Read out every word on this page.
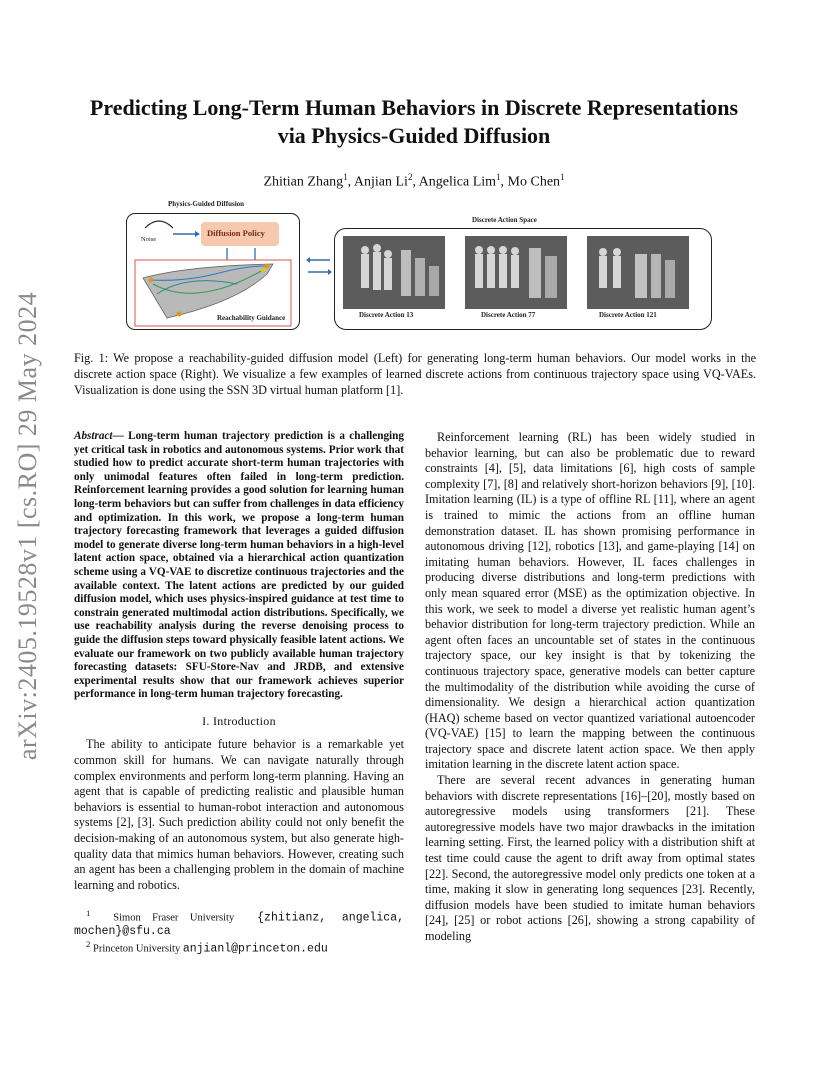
arXiv:2405.19528v1 [cs.RO] 29 May 2024
Predicting Long-Term Human Behaviors in Discrete Representations
via Physics-Guided Diffusion
Zhitian Zhang$^1$, Anjian Li$^2$, Angelica Lim$^1$, Mo Chen$^1$
Physics-Guided Diffusion
Noise
Diffusion Policy
Reachability Guidance
Discrete Action Space
Discrete Action 13	Discrete Action 77	Discrete Action 121
Fig. 1: We propose a reachability-guided diffusion model (Left) for generating long-term human behaviors. Our model works in the discrete action space (Right). We visualize a few examples of learned discrete actions from continuous trajectory space using VQ-VAEs. Visualization is done using the SSN 3D virtual human platform [1].
Abstract— Long-term human trajectory prediction is a challenging yet critical task in robotics and autonomous systems. Prior work that studied how to predict accurate short-term human trajectories with only unimodal features often failed in long-term prediction. Reinforcement learning provides a good solution for learning human long-term behaviors but can suffer from challenges in data efficiency and optimization. In this work, we propose a long-term human trajectory forecasting framework that leverages a guided diffusion model to generate diverse long-term human behaviors in a high-level latent action space, obtained via a hierarchical action quantization scheme using a VQ-VAE to discretize continuous trajectories and the available context. The latent actions are predicted by our guided diffusion model, which uses physics-inspired guidance at test time to constrain generated multimodal action distributions. Specifically, we use reachability analysis during the reverse denoising process to guide the diffusion steps toward physically feasible latent actions. We evaluate our framework on two publicly available human trajectory forecasting datasets: SFU-Store-Nav and JRDB, and extensive experimental results show that our framework achieves superior performance in long-term human trajectory forecasting.
I. Introduction

The ability to anticipate future behavior is a remarkable yet common skill for humans. We can navigate naturally through complex environments and perform long-term planning. Having an agent that is capable of predicting realistic and plausible human behaviors is essential to human-robot interaction and autonomous systems [2], [3]. Such prediction ability could not only benefit the decision-making of an autonomous system, but also generate high-quality data that mimics human behaviors. However, creating such an agent has been a challenging problem in the domain of machine learning and robotics.

$^1$ Simon Fraser University {zhitianz, angelica, mochen}@sfu.ca
$^2$ Princeton University anjianl@princeton.edu

Reinforcement learning (RL) has been widely studied in behavior learning, but can also be problematic due to reward constraints [4], [5], data limitations [6], high costs of sample complexity [7], [8] and relatively short-horizon behaviors [9], [10]. Imitation learning (IL) is a type of offline RL [11], where an agent is trained to mimic the actions from an offline human demonstration dataset. IL has shown promising performance in autonomous driving [12], robotics [13], and game-playing [14] on imitating human behaviors. However, IL faces challenges in producing diverse distributions and long-term predictions with only mean squared error (MSE) as the optimization objective. In this work, we seek to model a diverse yet realistic human agent’s behavior distribution for long-term trajectory prediction. While an agent often faces an uncountable set of states in the continuous trajectory space, our key insight is that by tokenizing the continuous trajectory space, generative models can better capture the multimodality of the distribution while avoiding the curse of dimensionality. We design a hierarchical action quantization (HAQ) scheme based on vector quantized variational autoencoder (VQ-VAE) [15] to learn the mapping between the continuous trajectory space and discrete latent action space. We then apply imitation learning in the discrete latent action space.

There are several recent advances in generating human behaviors with discrete representations [16]–[20], mostly based on autoregressive models using transformers [21]. These autoregressive models have two major drawbacks in the imitation learning setting. First, the learned policy with a distribution shift at test time could cause the agent to drift away from optimal states [22]. Second, the autoregressive model only predicts one token at a time, making it slow in generating long sequences [23]. Recently, diffusion models have been studied to imitate human behaviors [24], [25] or robot actions [26], showing a strong capability of modeling
